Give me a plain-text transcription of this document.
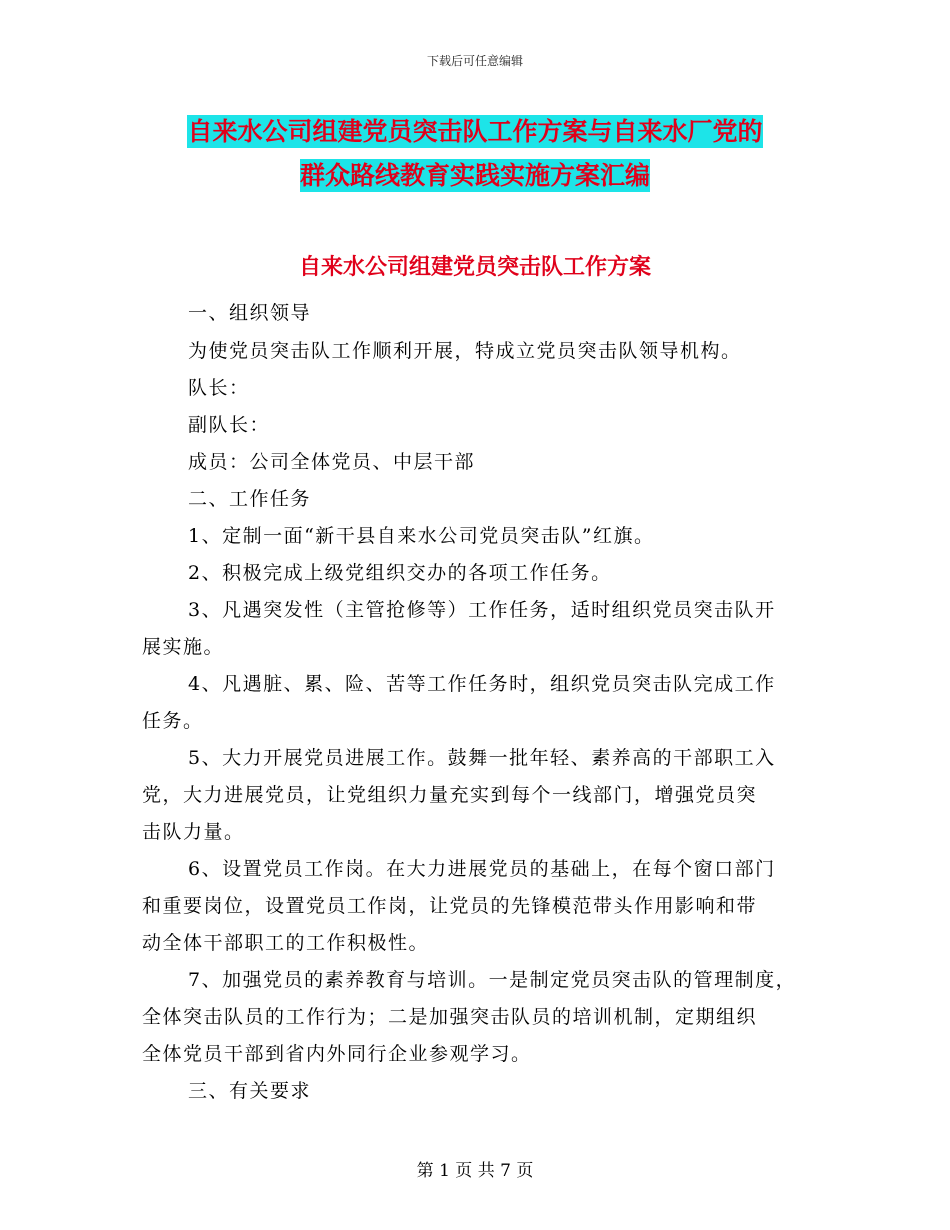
下载后可任意编辑
自来水公司组建党员突击队工作方案与自来水厂党的
群众路线教育实践实施方案汇编
自来水公司组建党员突击队工作方案
一、组织领导
为使党员突击队工作顺利开展，特成立党员突击队领导机构。
队长：
副队长：
成员：公司全体党员、中层干部
二、工作任务
1、定制一面“新干县自来水公司党员突击队”红旗。
2、积极完成上级党组织交办的各项工作任务。
3、凡遇突发性（主管抢修等）工作任务，适时组织党员突击队开
展实施。
4、凡遇脏、累、险、苦等工作任务时，组织党员突击队完成工作
任务。
5、大力开展党员进展工作。鼓舞一批年轻、素养高的干部职工入
党，大力进展党员，让党组织力量充实到每个一线部门，增强党员突
击队力量。
6、设置党员工作岗。在大力进展党员的基础上，在每个窗口部门
和重要岗位，设置党员工作岗，让党员的先锋模范带头作用影响和带
动全体干部职工的工作积极性。
7、加强党员的素养教育与培训。一是制定党员突击队的管理制度，
全体突击队员的工作行为；二是加强突击队员的培训机制，定期组织
全体党员干部到省内外同行企业参观学习。
三、有关要求
第 1 页 共 7 页
